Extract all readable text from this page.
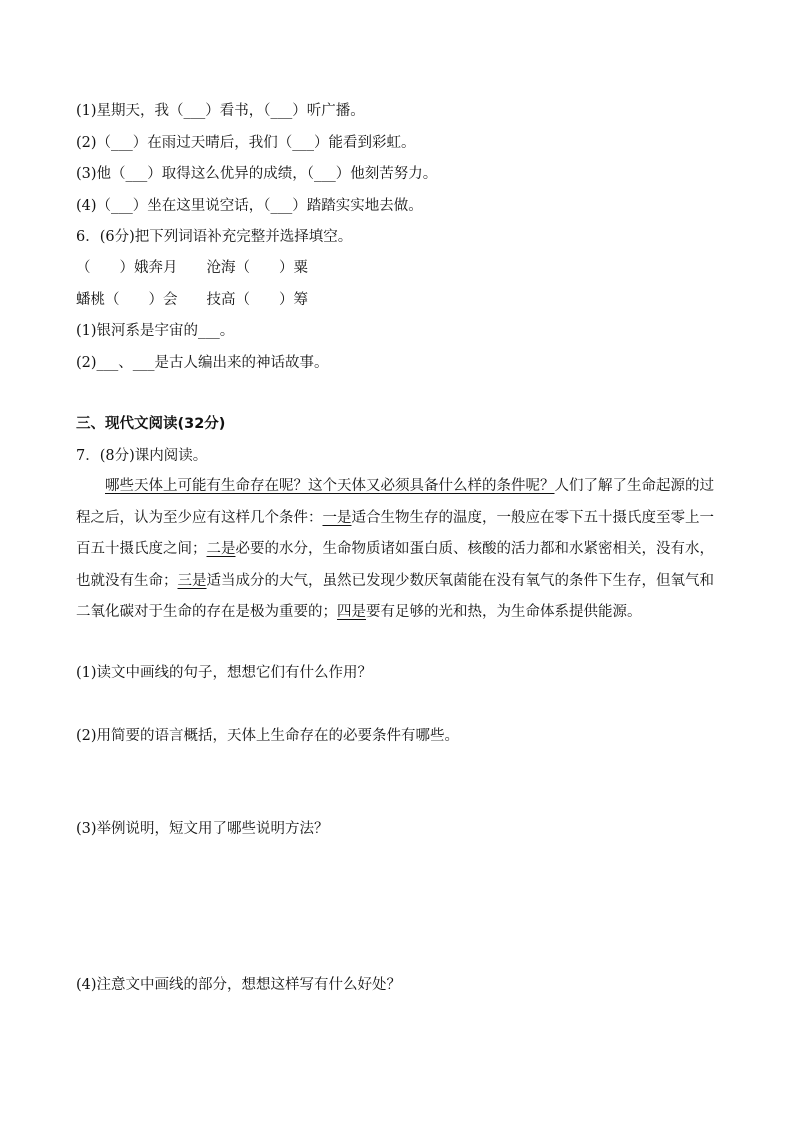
(1)星期天，我（___）看书，（___）听广播。
(2)（___）在雨过天晴后，我们（___）能看到彩虹。
(3)他（___）取得这么优异的成绩，（___）他刻苦努力。
(4)（___）坐在这里说空话，（___）踏踏实实地去做。
6．(6分)把下列词语补充完整并选择填空。
（　　）娥奔月　　沧海（　　）粟
蟠桃（　　）会　　技高（　　）筹
(1)银河系是宇宙的___。
(2)___、___是古人编出来的神话故事。
三、现代文阅读(32分)
7．(8分)课内阅读。
哪些天体上可能有生命存在呢？这个天体又必须具备什么样的条件呢？人们了解了生命起源的过程之后，认为至少应有这样几个条件：一是适合生物生存的温度，一般应在零下五十摄氏度至零上一百五十摄氏度之间；二是必要的水分，生命物质诸如蛋白质、核酸的活力都和水紧密相关，没有水，也就没有生命；三是适当成分的大气，虽然已发现少数厌氧菌能在没有氧气的条件下生存，但氧气和二氧化碳对于生命的存在是极为重要的；四是要有足够的光和热，为生命体系提供能源。
(1)读文中画线的句子，想想它们有什么作用？
(2)用简要的语言概括，天体上生命存在的必要条件有哪些。
(3)举例说明，短文用了哪些说明方法？
(4)注意文中画线的部分，想想这样写有什么好处？
